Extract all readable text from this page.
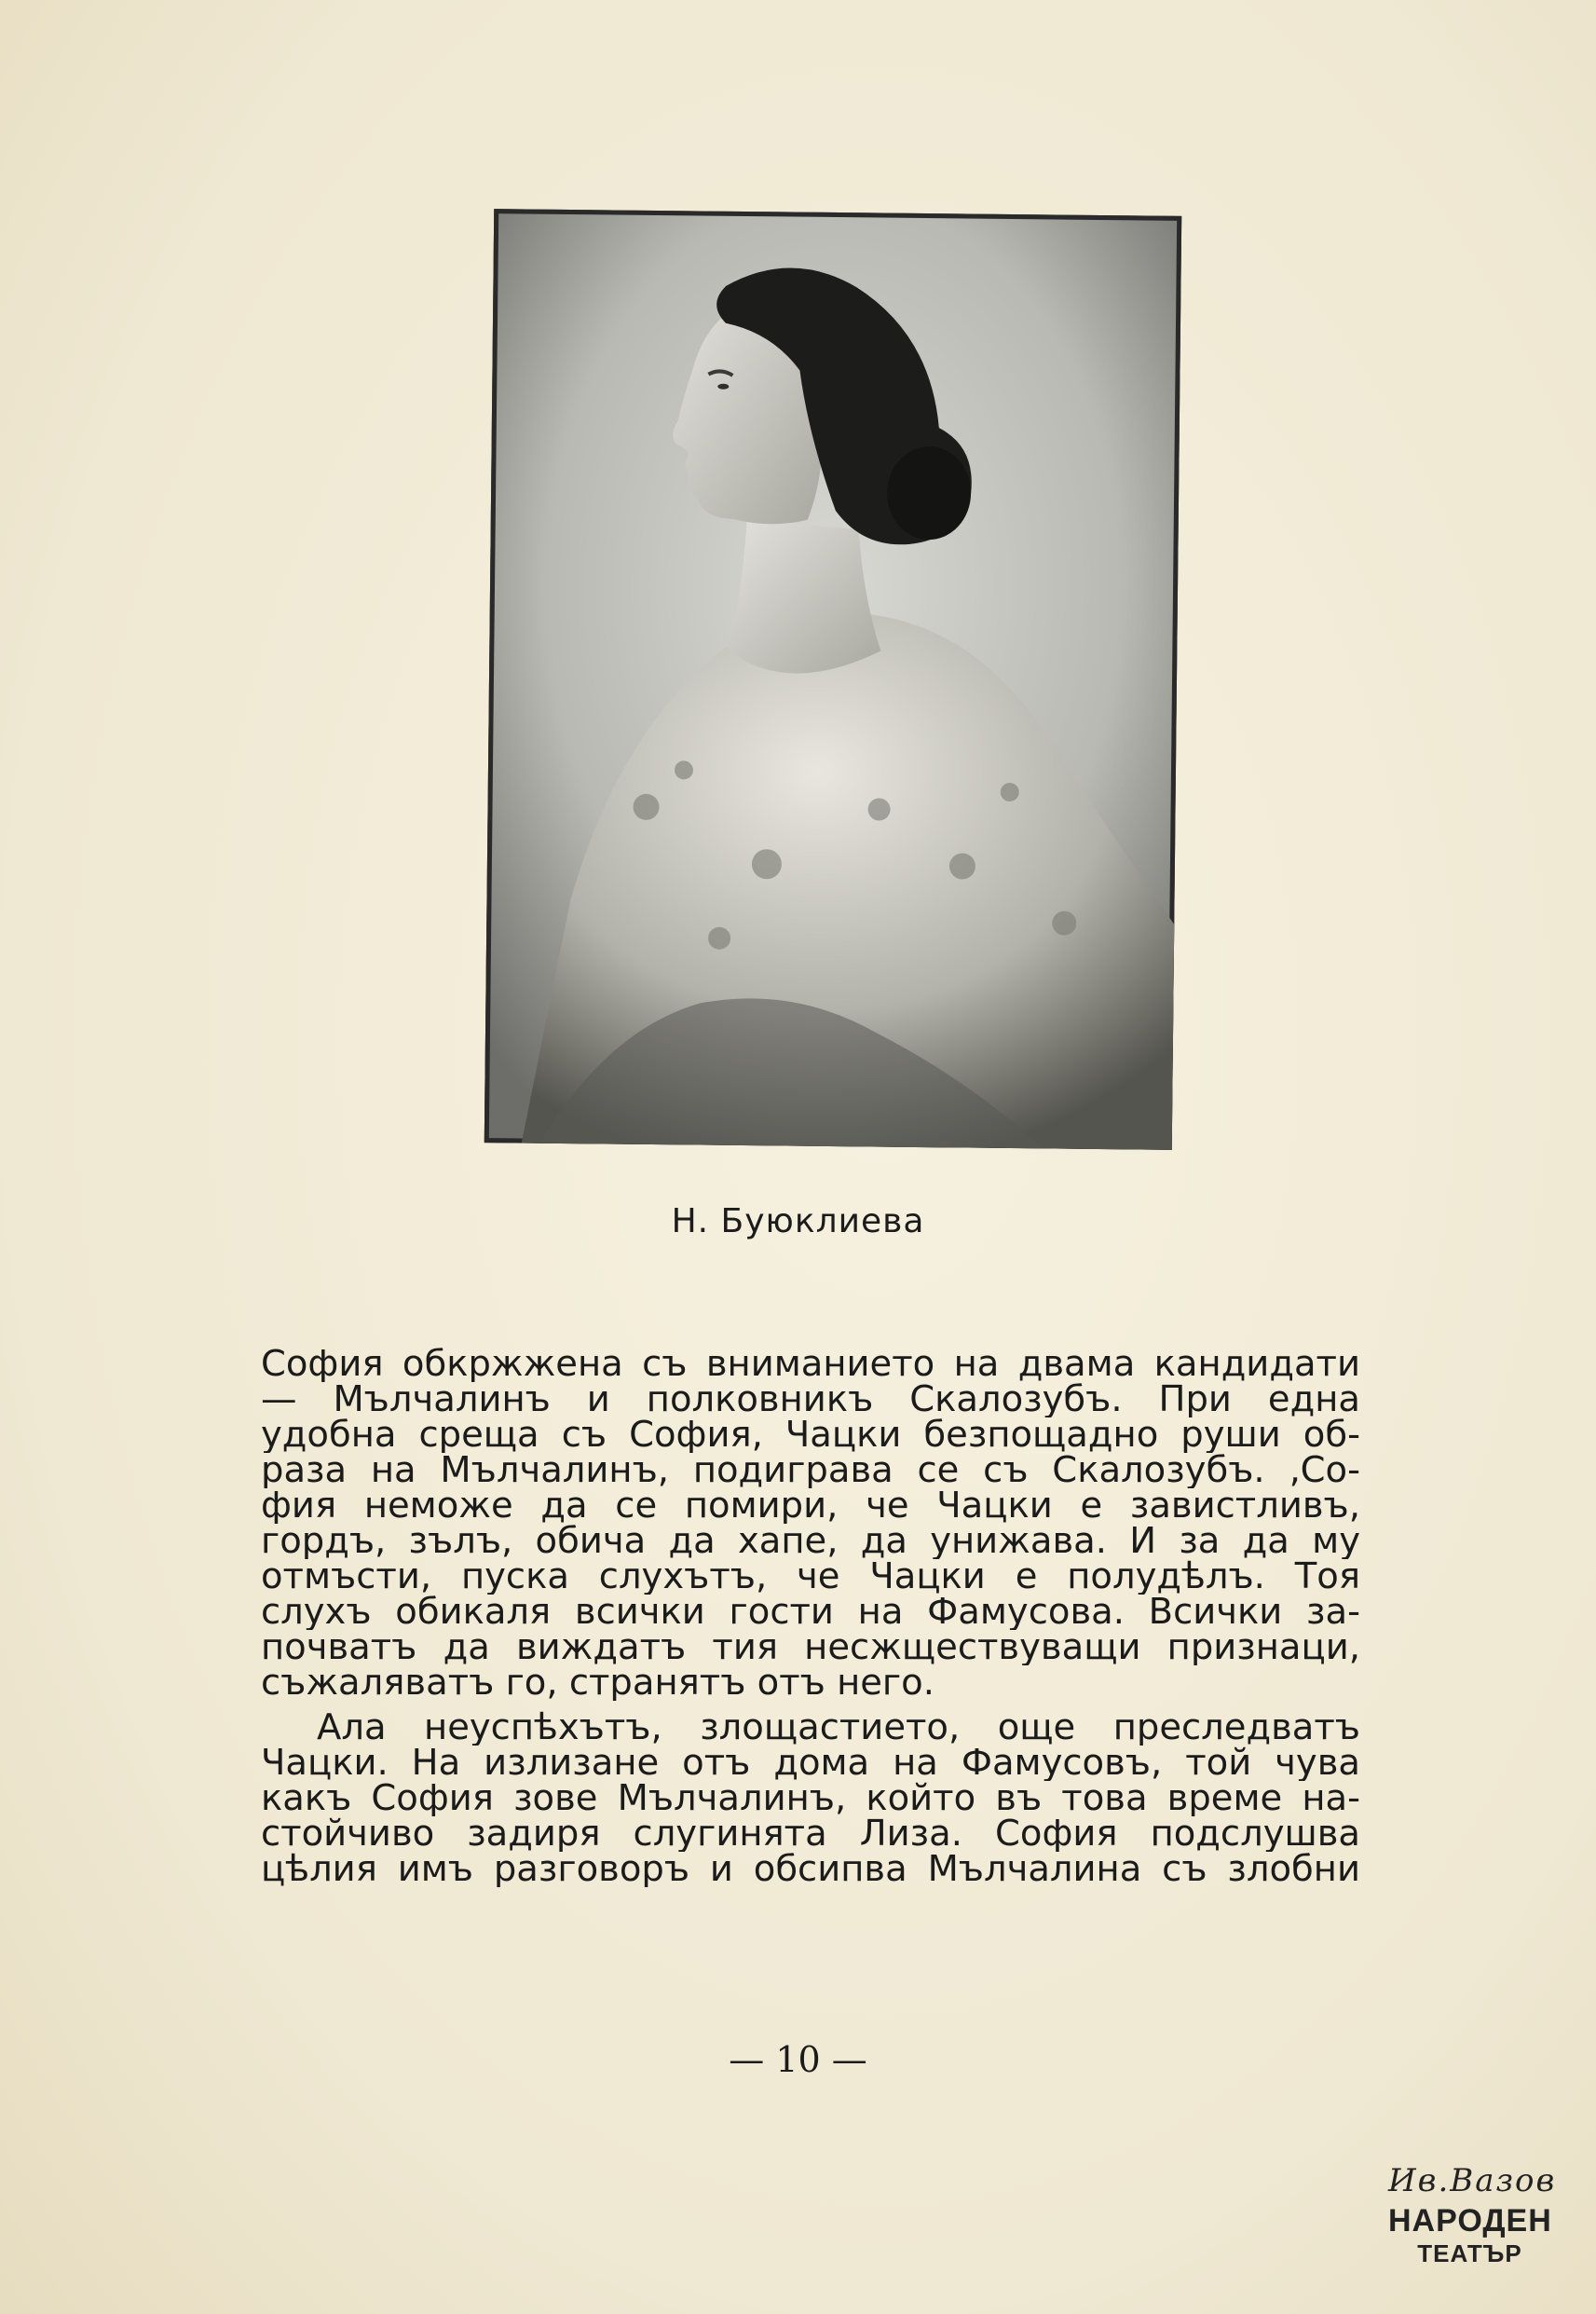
Н. Буюклиева
София обкржжена съ вниманието на двама кандидати
— Мълчалинъ и полковникъ Скалозубъ. При една
удобна среща съ София, Чацки безпощадно руши об-
раза на Мълчалинъ, подиграва се съ Скалозубъ. ‚Со-
фия неможе да се помири, че Чацки е завистливъ,
гордъ, зълъ, обича да хапе, да унижава. И за да му
отмъсти, пуска слухътъ, че Чацки е полудѣлъ. Тоя
слухъ обикаля всички гости на Фамусова. Всички за-
почватъ да виждатъ тия несжществуващи признаци,
съжаляватъ го, странятъ отъ него.
Ала неуспѣхътъ, злощастието, още преследватъ
Чацки. На излизане отъ дома на Фамусовъ, той чува
какъ София зове Мълчалинъ, който въ това време на-
стойчиво задиря слугинята Лиза. София подслушва
цѣлия имъ разговоръ и обсипва Мълчалина съ злобни
— 10 —
Ив.Вазов
НАРОДЕН
ТЕАТЪР
